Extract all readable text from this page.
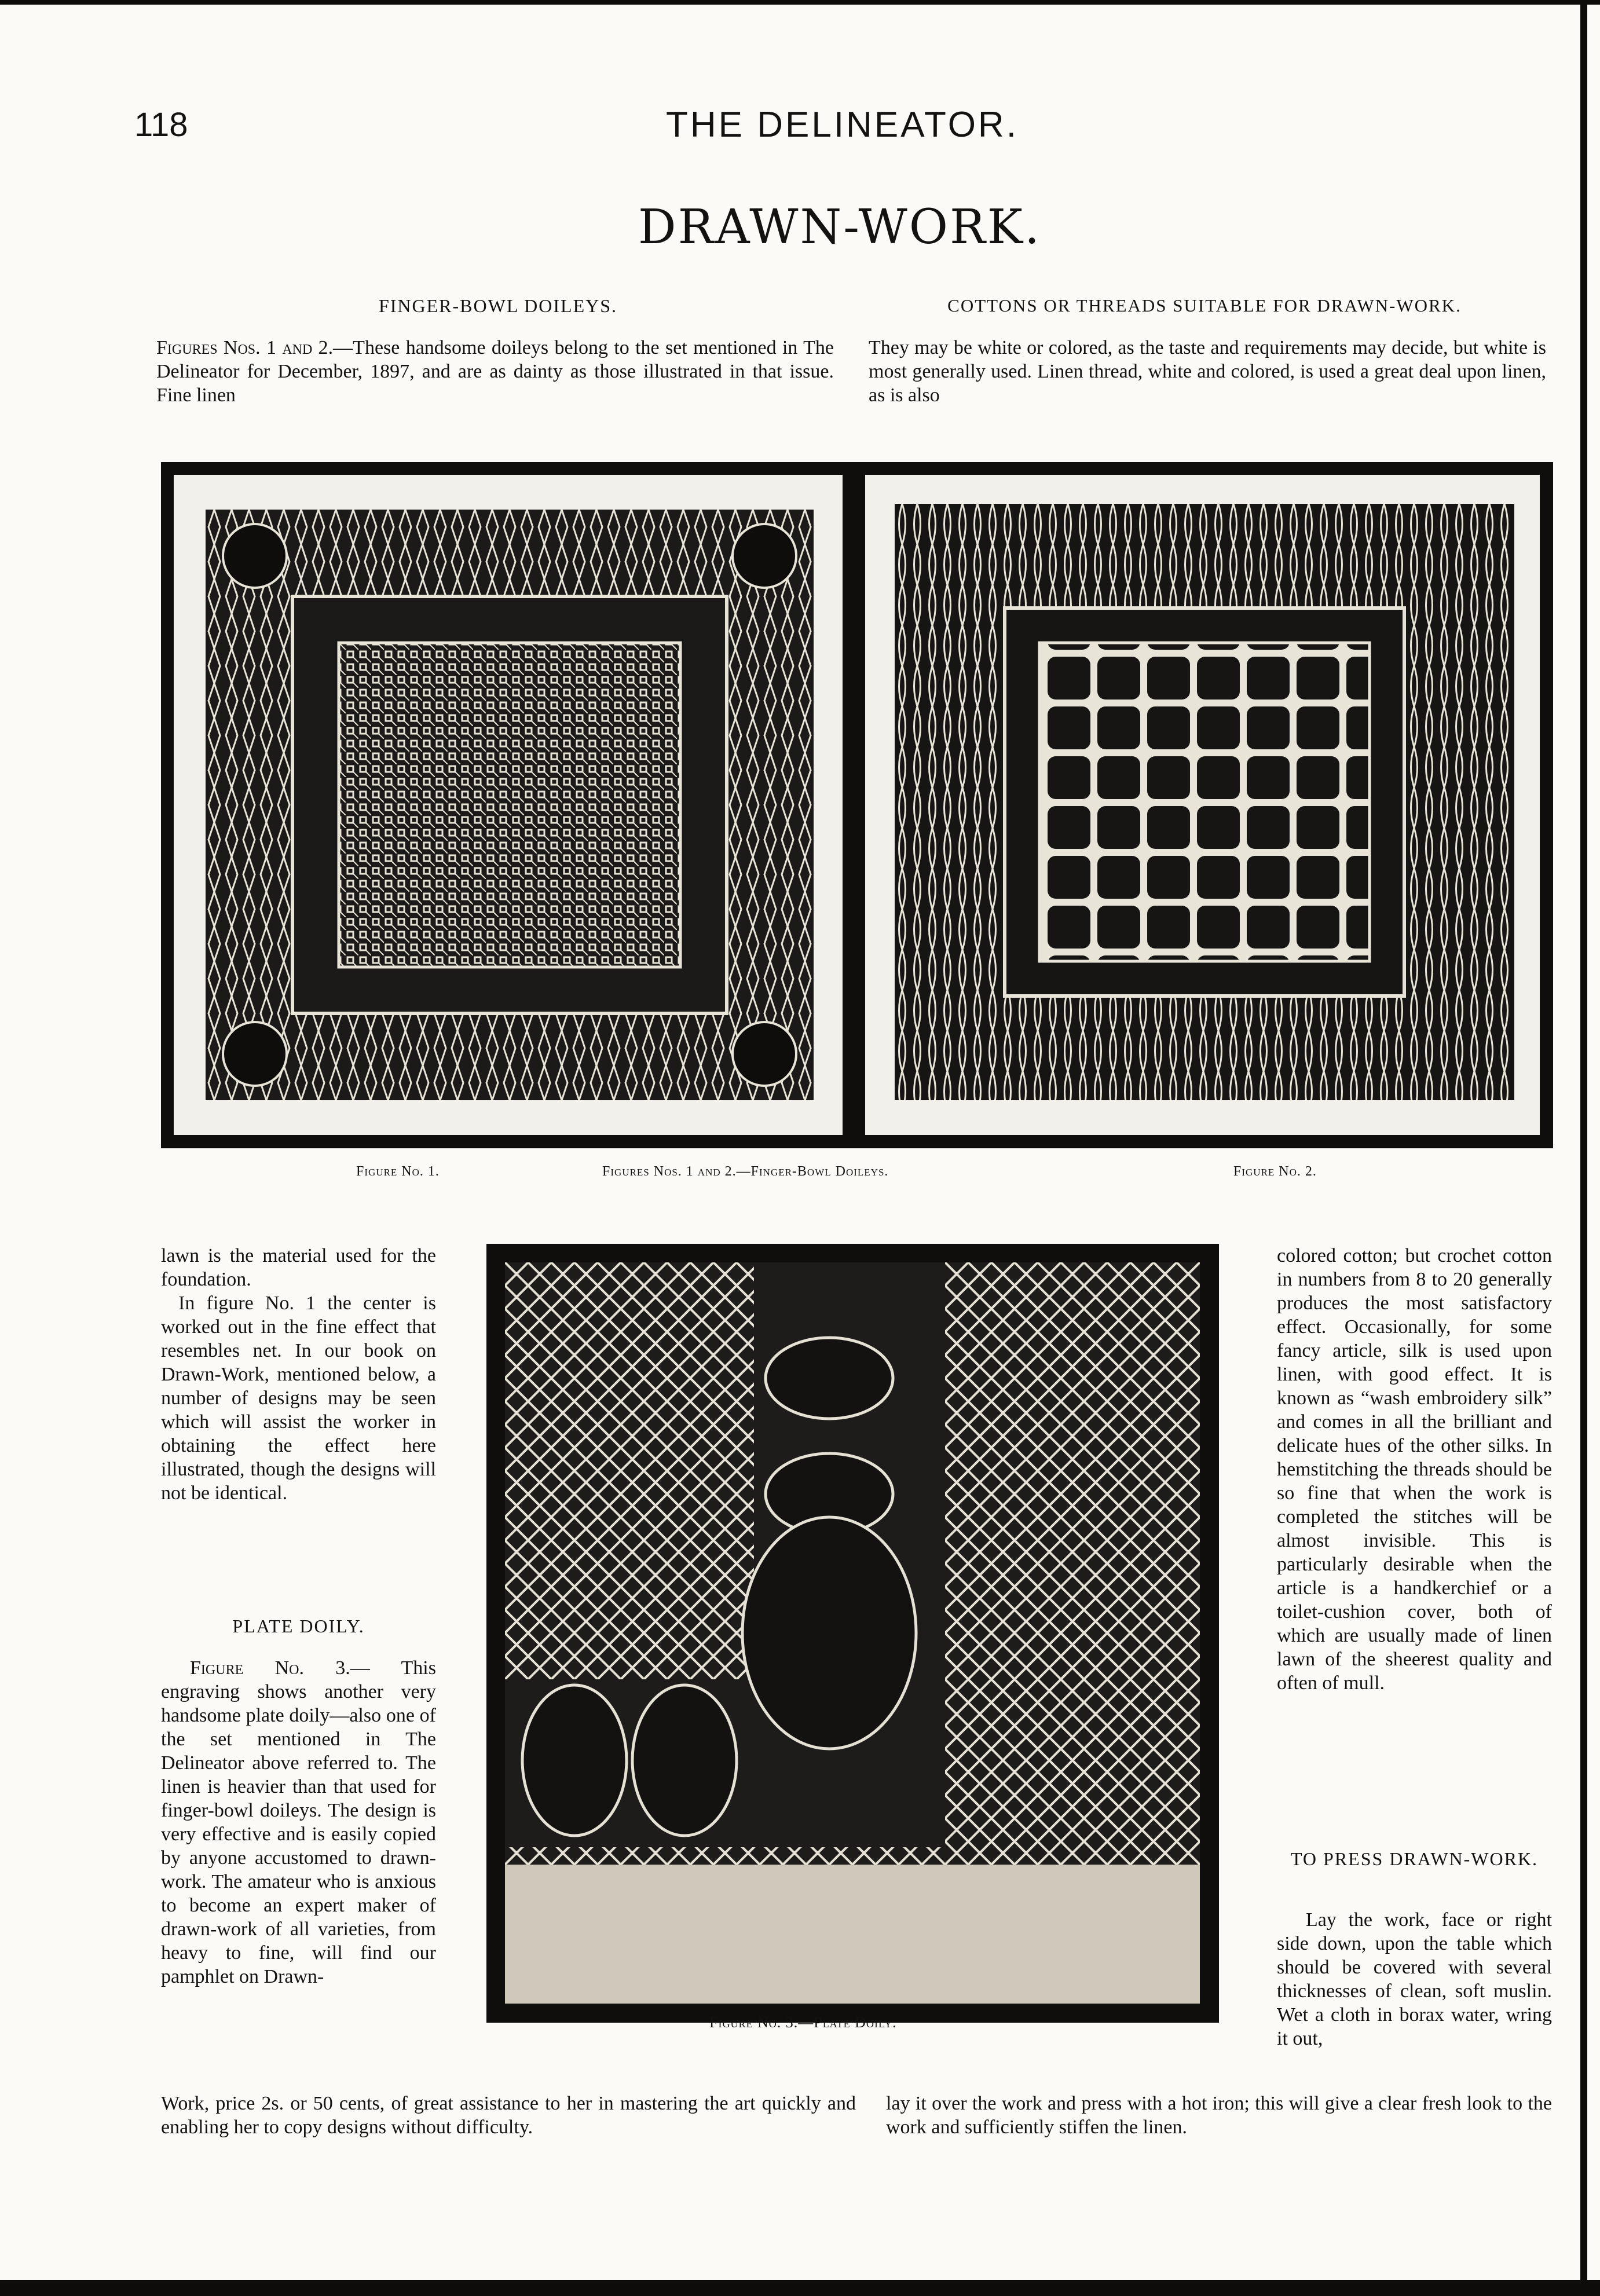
118	THE DELINEATOR.
DRAWN-WORK.
FINGER-BOWL DOILEYS.
Figures Nos. 1 and 2.—These handsome doileys belong to the set mentioned in The Delineator for December, 1897, and are as dainty as those illustrated in that issue. Fine linen
COTTONS OR THREADS SUITABLE FOR DRAWN-WORK.
They may be white or colored, as the taste and requirements may decide, but white is most generally used. Linen thread, white and colored, is used a great deal upon linen, as is also
Figure No. 1.	Figures Nos. 1 and 2.—Finger-Bowl Doileys.	Figure No. 2.
lawn is the material used for the foundation.
In figure No. 1 the center is worked out in the fine effect that resembles net. In our book on Drawn-Work, mentioned below, a number of designs may be seen which will assist the worker in obtaining the effect here illustrated, though the designs will not be identical.
PLATE DOILY.
Figure No. 3.— This engraving shows another very handsome plate doily—also one of the set mentioned in The Delineator above referred to. The linen is heavier than that used for finger-bowl doileys. The design is very effective and is easily copied by anyone accustomed to drawn-work. The amateur who is anxious to become an expert maker of drawn-work of all varieties, from heavy to fine, will find our pamphlet on Drawn-
Work, price 2s. or 50 cents, of great assistance to her in mastering the art quickly and enabling her to copy designs without difficulty.
Figure No. 3.—Plate Doily.
colored cotton; but crochet cotton in numbers from 8 to 20 generally produces the most satisfactory effect. Occasionally, for some fancy article, silk is used upon linen, with good effect. It is known as “wash embroidery silk” and comes in all the brilliant and delicate hues of the other silks. In hemstitching the threads should be so fine that when the work is completed the stitches will be almost invisible. This is particularly desirable when the article is a handkerchief or a toilet-cushion cover, both of which are usually made of linen lawn of the sheerest quality and often of mull.
TO PRESS DRAWN-WORK.
Lay the work, face or right side down, upon the table which should be covered with several thicknesses of clean, soft muslin. Wet a cloth in borax water, wring it out,
lay it over the work and press with a hot iron; this will give a clear fresh look to the work and sufficiently stiffen the linen.
